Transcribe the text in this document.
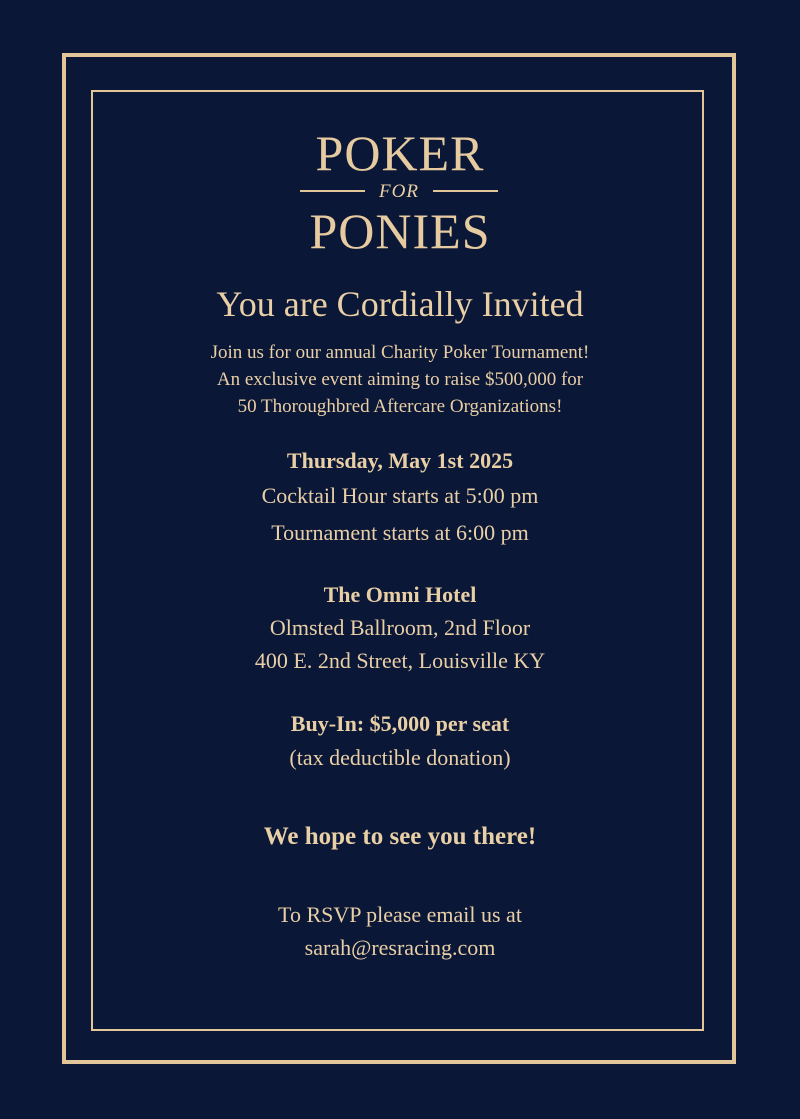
POKER
FOR
PONIES
You are Cordially Invited
Join us for our annual Charity Poker Tournament!
An exclusive event aiming to raise $500,000 for
50 Thoroughbred Aftercare Organizations!
Thursday, May 1st 2025
Cocktail Hour starts at 5:00 pm
Tournament starts at 6:00 pm
The Omni Hotel
Olmsted Ballroom, 2nd Floor
400 E. 2nd Street, Louisville KY
Buy-In: $5,000 per seat
(tax deductible donation)
We hope to see you there!
To RSVP please email us at
sarah@resracing.com
